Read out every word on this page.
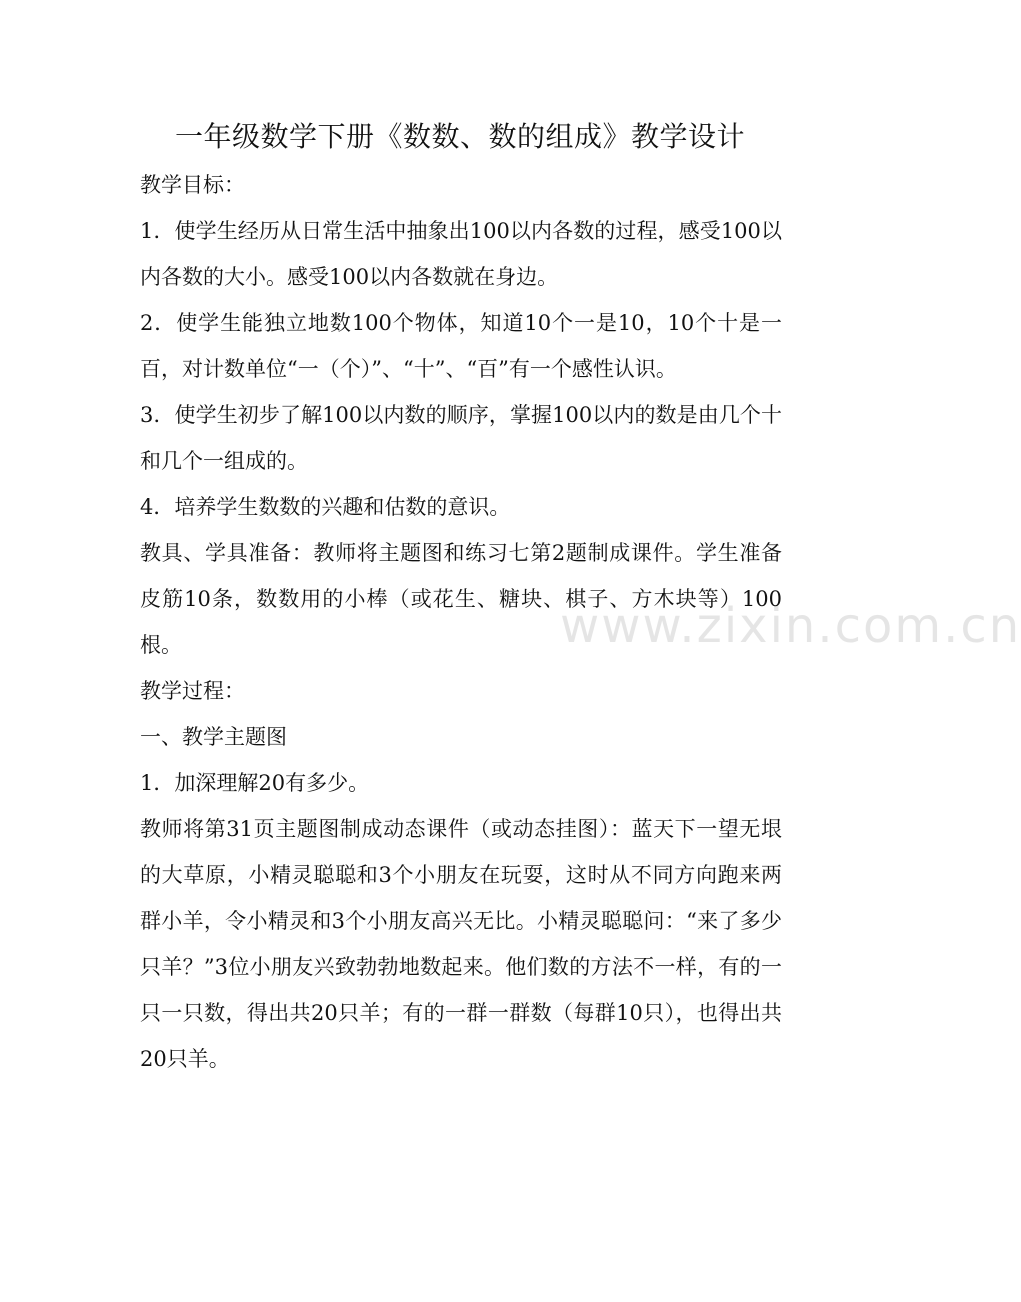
一年级数学下册《数数、数的组成》教学设计

教学目标：

1．使学生经历从日常生活中抽象出100以内各数的过程，感受100以内各数的大小。感受100以内各数就在身边。

2．使学生能独立地数100个物体，知道10个一是10，10个十是一百，对计数单位“一（个）”、“十”、“百”有一个感性认识。

3．使学生初步了解100以内数的顺序，掌握100以内的数是由几个十和几个一组成的。

4．培养学生数数的兴趣和估数的意识。

教具、学具准备：教师将主题图和练习七第2题制成课件。学生准备皮筋10条，数数用的小棒（或花生、糖块、棋子、方木块等）100根。

教学过程：

一、教学主题图

1．加深理解20有多少。

教师将第31页主题图制成动态课件（或动态挂图）：蓝天下一望无垠的大草原，小精灵聪聪和3个小朋友在玩耍，这时从不同方向跑来两群小羊，令小精灵和3个小朋友高兴无比。小精灵聪聪问：“来了多少只羊？”3位小朋友兴致勃勃地数起来。他们数的方法不一样，有的一只一只数，得出共20只羊；有的一群一群数（每群10只），也得出共20只羊。

www.zixin.com.cn
